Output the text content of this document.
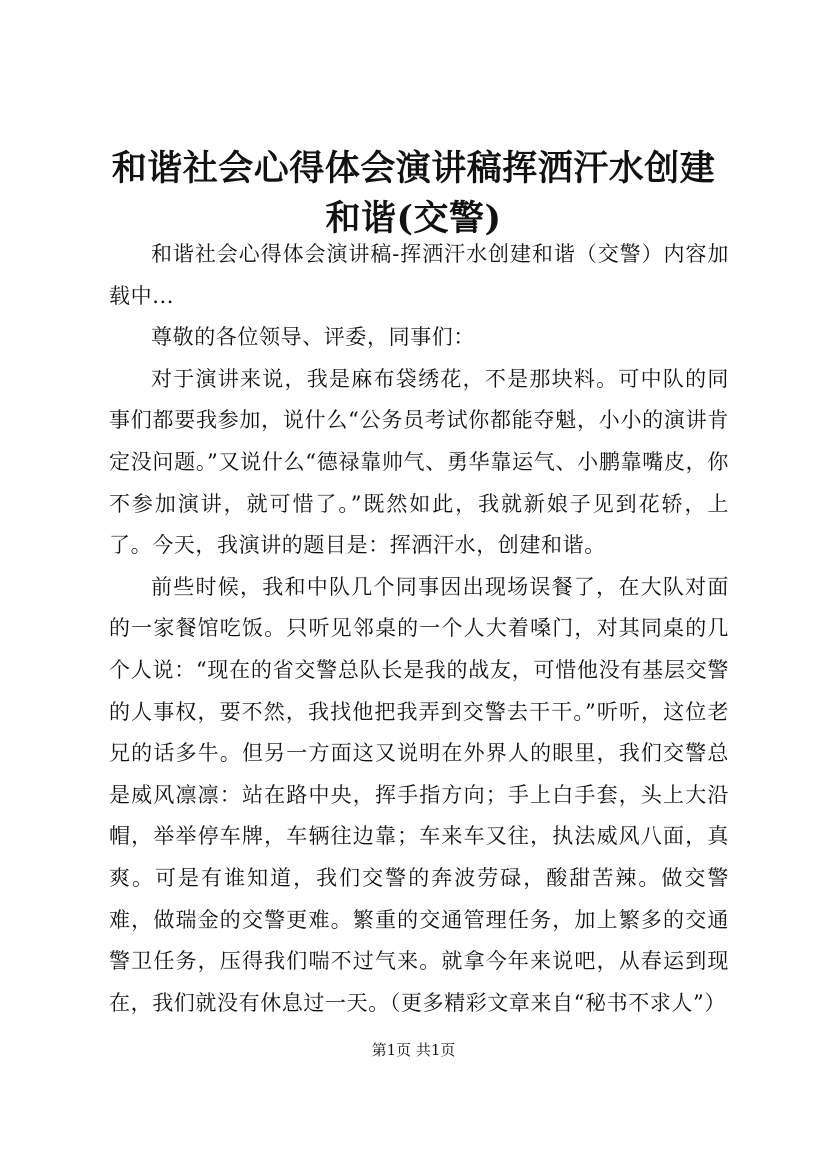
和谐社会心得体会演讲稿挥洒汗水创建和谐(交警)

和谐社会心得体会演讲稿-挥洒汗水创建和谐（交警）内容加载中...

尊敬的各位领导、评委，同事们：

对于演讲来说，我是麻布袋绣花，不是那块料。可中队的同事们都要我参加，说什么“公务员考试你都能夺魁，小小的演讲肯定没问题。”又说什么“德禄靠帅气、勇华靠运气、小鹏靠嘴皮，你不参加演讲，就可惜了。”既然如此，我就新娘子见到花轿，上了。今天，我演讲的题目是：挥洒汗水，创建和谐。

前些时候，我和中队几个同事因出现场误餐了，在大队对面的一家餐馆吃饭。只听见邻桌的一个人大着嗓门，对其同桌的几个人说：“现在的省交警总队长是我的战友，可惜他没有基层交警的人事权，要不然，我找他把我弄到交警去干干。”听听，这位老兄的话多牛。但另一方面这又说明在外界人的眼里，我们交警总是威风凛凛：站在路中央，挥手指方向；手上白手套，头上大沿帽，举举停车牌，车辆往边靠；车来车又往，执法威风八面，真爽。可是有谁知道，我们交警的奔波劳碌，酸甜苦辣。做交警难，做瑞金的交警更难。繁重的交通管理任务，加上繁多的交通警卫任务，压得我们喘不过气来。就拿今年来说吧，从春运到现在，我们就没有休息过一天。（更多精彩文章来自“秘书不求人”）

第1页 共1页
